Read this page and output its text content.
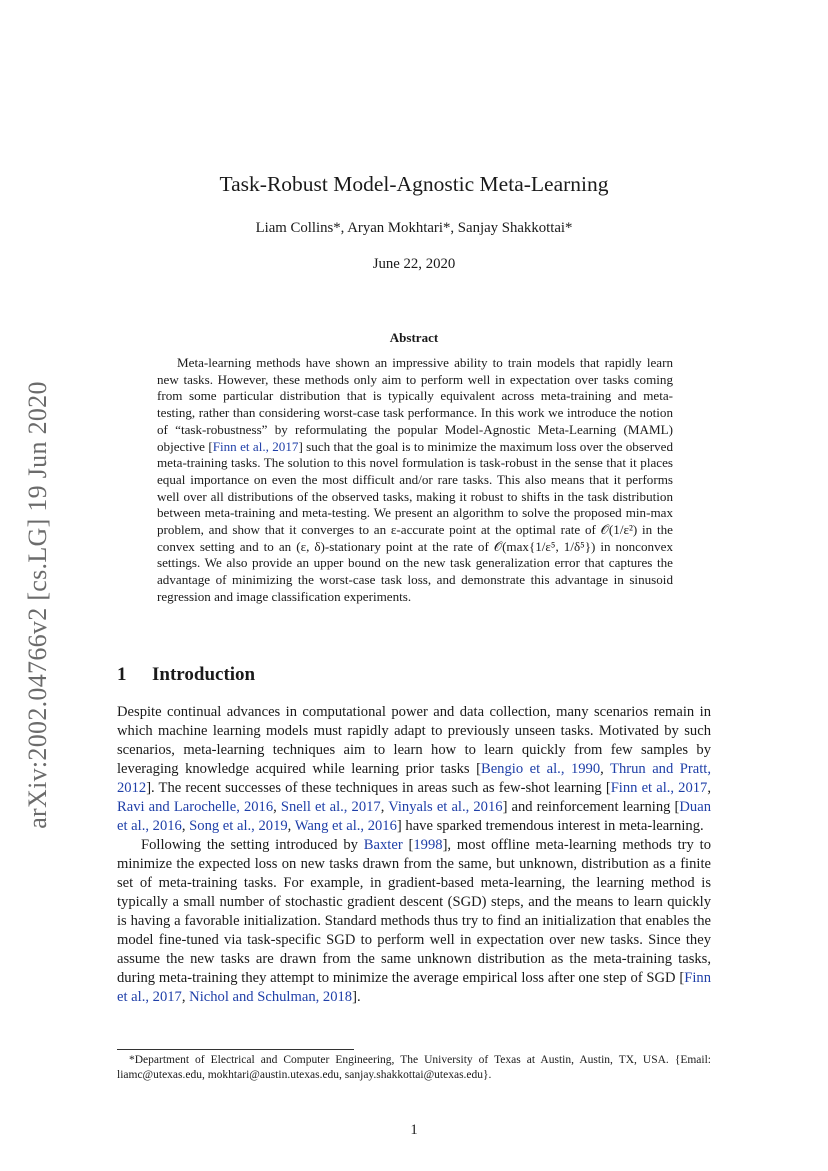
arXiv:2002.04766v2 [cs.LG] 19 Jun 2020
Task-Robust Model-Agnostic Meta-Learning
Liam Collins*, Aryan Mokhtari*, Sanjay Shakkottai*
June 22, 2020
Abstract
Meta-learning methods have shown an impressive ability to train models that rapidly learn new tasks. However, these methods only aim to perform well in expectation over tasks coming from some particular distribution that is typically equivalent across meta-training and meta-testing, rather than considering worst-case task performance. In this work we introduce the notion of “task-robustness” by reformulating the popular Model-Agnostic Meta-Learning (MAML) objective [Finn et al., 2017] such that the goal is to minimize the maximum loss over the observed meta-training tasks. The solution to this novel formulation is task-robust in the sense that it places equal importance on even the most difficult and/or rare tasks. This also means that it performs well over all distributions of the observed tasks, making it robust to shifts in the task distribution between meta-training and meta-testing. We present an algorithm to solve the proposed min-max problem, and show that it converges to an ε-accurate point at the optimal rate of 𝒪(1/ε²) in the convex setting and to an (ε, δ)-stationary point at the rate of 𝒪(max{1/ε⁵, 1/δ⁵}) in nonconvex settings. We also provide an upper bound on the new task generalization error that captures the advantage of minimizing the worst-case task loss, and demonstrate this advantage in sinusoid regression and image classification experiments.
1 Introduction

Despite continual advances in computational power and data collection, many scenarios remain in which machine learning models must rapidly adapt to previously unseen tasks. Motivated by such scenarios, meta-learning techniques aim to learn how to learn quickly from few samples by leveraging knowledge acquired while learning prior tasks [Bengio et al., 1990, Thrun and Pratt, 2012]. The recent successes of these techniques in areas such as few-shot learning [Finn et al., 2017, Ravi and Larochelle, 2016, Snell et al., 2017, Vinyals et al., 2016] and reinforcement learning [Duan et al., 2016, Song et al., 2019, Wang et al., 2016] have sparked tremendous interest in meta-learning.

Following the setting introduced by Baxter [1998], most offline meta-learning methods try to minimize the expected loss on new tasks drawn from the same, but unknown, distribution as a finite set of meta-training tasks. For example, in gradient-based meta-learning, the learning method is typically a small number of stochastic gradient descent (SGD) steps, and the means to learn quickly is having a favorable initialization. Standard methods thus try to find an initialization that enables the model fine-tuned via task-specific SGD to perform well in expectation over new tasks. Since they assume the new tasks are drawn from the same unknown distribution as the meta-training tasks, during meta-training they attempt to minimize the average empirical loss after one step of SGD [Finn et al., 2017, Nichol and Schulman, 2018].

*Department of Electrical and Computer Engineering, The University of Texas at Austin, Austin, TX, USA. {Email: liamc@utexas.edu, mokhtari@austin.utexas.edu, sanjay.shakkottai@utexas.edu}.
1
